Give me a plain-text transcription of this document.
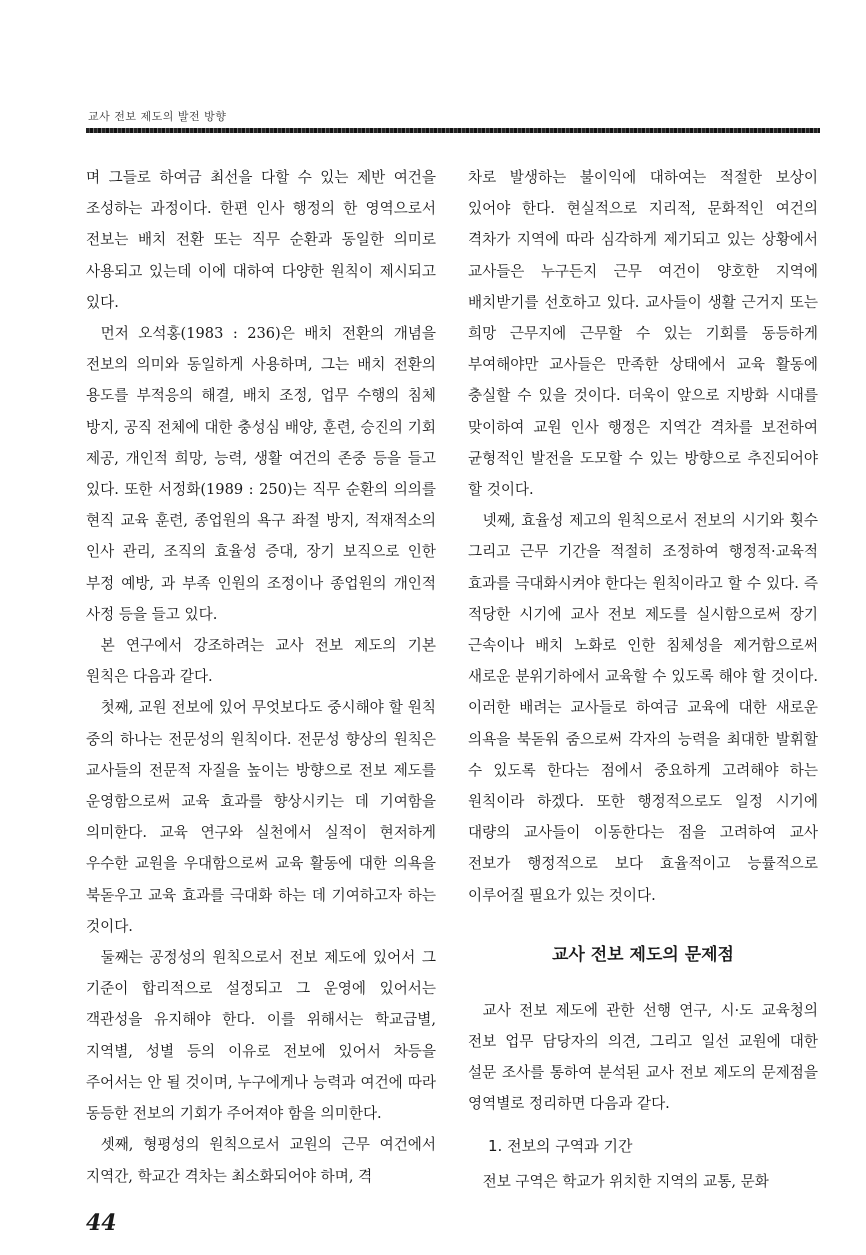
교사 전보 제도의 발전 방향

며 그들로 하여금 최선을 다할 수 있는 제반 여건을 조성하는 과정이다. 한편 인사 행정의 한 영역으로서 전보는 배치 전환 또는 직무 순환과 동일한 의미로 사용되고 있는데 이에 대하여 다양한 원칙이 제시되고 있다.

먼저 오석홍(1983 : 236)은 배치 전환의 개념을 전보의 의미와 동일하게 사용하며, 그는 배치 전환의 용도를 부적응의 해결, 배치 조정, 업무 수행의 침체 방지, 공직 전체에 대한 충성심 배양, 훈련, 승진의 기회 제공, 개인적 희망, 능력, 생활 여건의 존중 등을 들고 있다. 또한 서정화(1989 : 250)는 직무 순환의 의의를 현직 교육 훈련, 종업원의 욕구 좌절 방지, 적재적소의 인사 관리, 조직의 효율성 증대, 장기 보직으로 인한 부정 예방, 과 부족 인원의 조정이나 종업원의 개인적 사정 등을 들고 있다.

본 연구에서 강조하려는 교사 전보 제도의 기본 원칙은 다음과 같다.

첫째, 교원 전보에 있어 무엇보다도 중시해야 할 원칙 중의 하나는 전문성의 원칙이다. 전문성 향상의 원칙은 교사들의 전문적 자질을 높이는 방향으로 전보 제도를 운영함으로써 교육 효과를 향상시키는 데 기여함을 의미한다. 교육 연구와 실천에서 실적이 현저하게 우수한 교원을 우대함으로써 교육 활동에 대한 의욕을 북돋우고 교육 효과를 극대화 하는 데 기여하고자 하는 것이다.

둘째는 공정성의 원칙으로서 전보 제도에 있어서 그 기준이 합리적으로 설정되고 그 운영에 있어서는 객관성을 유지해야 한다. 이를 위해서는 학교급별, 지역별, 성별 등의 이유로 전보에 있어서 차등을 주어서는 안 될 것이며, 누구에게나 능력과 여건에 따라 동등한 전보의 기회가 주어져야 함을 의미한다.

셋째, 형평성의 원칙으로서 교원의 근무 여건에서 지역간, 학교간 격차는 최소화되어야 하며, 격

차로 발생하는 불이익에 대하여는 적절한 보상이 있어야 한다. 현실적으로 지리적, 문화적인 여건의 격차가 지역에 따라 심각하게 제기되고 있는 상황에서 교사들은 누구든지 근무 여건이 양호한 지역에 배치받기를 선호하고 있다. 교사들이 생활 근거지 또는 희망 근무지에 근무할 수 있는 기회를 동등하게 부여해야만 교사들은 만족한 상태에서 교육 활동에 충실할 수 있을 것이다. 더욱이 앞으로 지방화 시대를 맞이하여 교원 인사 행정은 지역간 격차를 보전하여 균형적인 발전을 도모할 수 있는 방향으로 추진되어야 할 것이다.

넷째, 효율성 제고의 원칙으로서 전보의 시기와 횟수 그리고 근무 기간을 적절히 조정하여 행정적·교육적 효과를 극대화시켜야 한다는 원칙이라고 할 수 있다. 즉 적당한 시기에 교사 전보 제도를 실시함으로써 장기 근속이나 배치 노화로 인한 침체성을 제거함으로써 새로운 분위기하에서 교육할 수 있도록 해야 할 것이다. 이러한 배려는 교사들로 하여금 교육에 대한 새로운 의욕을 북돋워 줌으로써 각자의 능력을 최대한 발휘할 수 있도록 한다는 점에서 중요하게 고려해야 하는 원칙이라 하겠다. 또한 행정적으로도 일정 시기에 대량의 교사들이 이동한다는 점을 고려하여 교사 전보가 행정적으로 보다 효율적이고 능률적으로 이루어질 필요가 있는 것이다.

교사 전보 제도의 문제점

교사 전보 제도에 관한 선행 연구, 시·도 교육청의 전보 업무 담당자의 의견, 그리고 일선 교원에 대한 설문 조사를 통하여 분석된 교사 전보 제도의 문제점을 영역별로 정리하면 다음과 같다.

1. 전보의 구역과 기간

전보 구역은 학교가 위치한 지역의 교통, 문화

44
